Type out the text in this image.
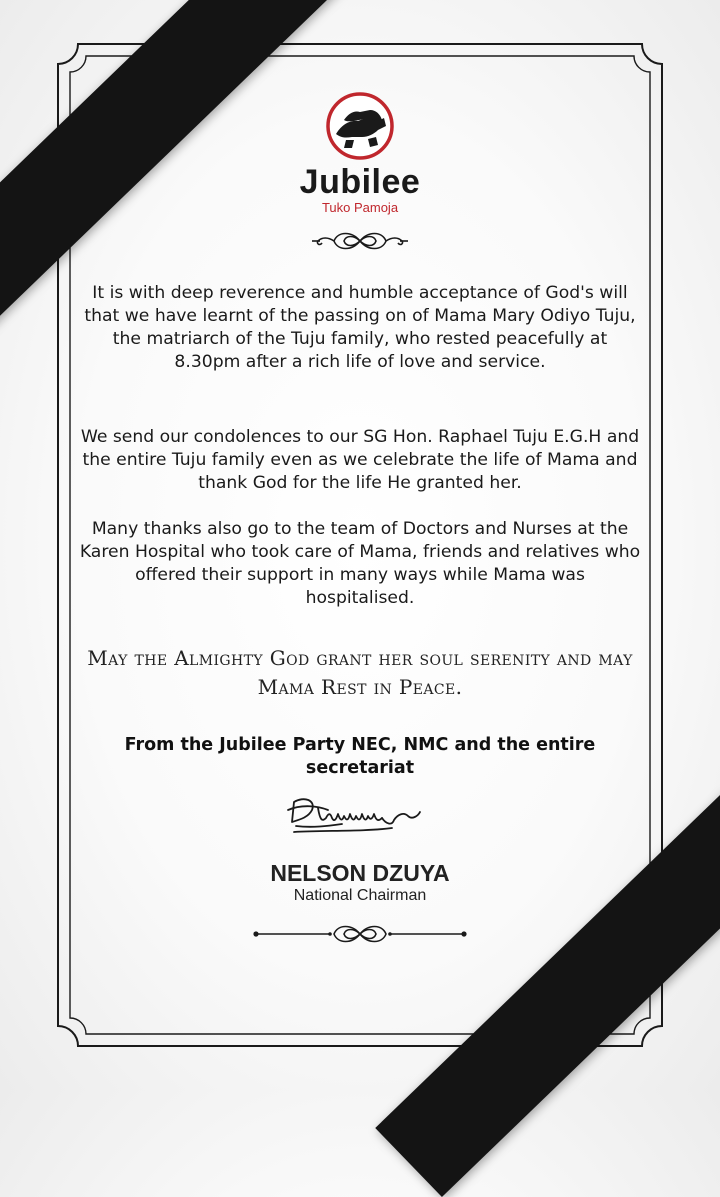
Jubilee
Tuko Pamoja

It is with deep reverence and humble acceptance of God's will that we have learnt of the passing on of Mama Mary Odiyo Tuju, the matriarch of the Tuju family, who rested peacefully at 8.30pm after a rich life of love and service.

We send our condolences to our SG Hon. Raphael Tuju E.G.H and the entire Tuju family even as we celebrate the life of Mama and thank God for the life He granted her.

Many thanks also go to the team of Doctors and Nurses at the Karen Hospital who took care of Mama, friends and relatives who offered their support in many ways while Mama was hospitalised.

May the Almighty God grant her soul serenity and may Mama Rest in Peace.
From the Jubilee Party NEC, NMC and the entire secretariat
NELSON DZUYA
National Chairman
